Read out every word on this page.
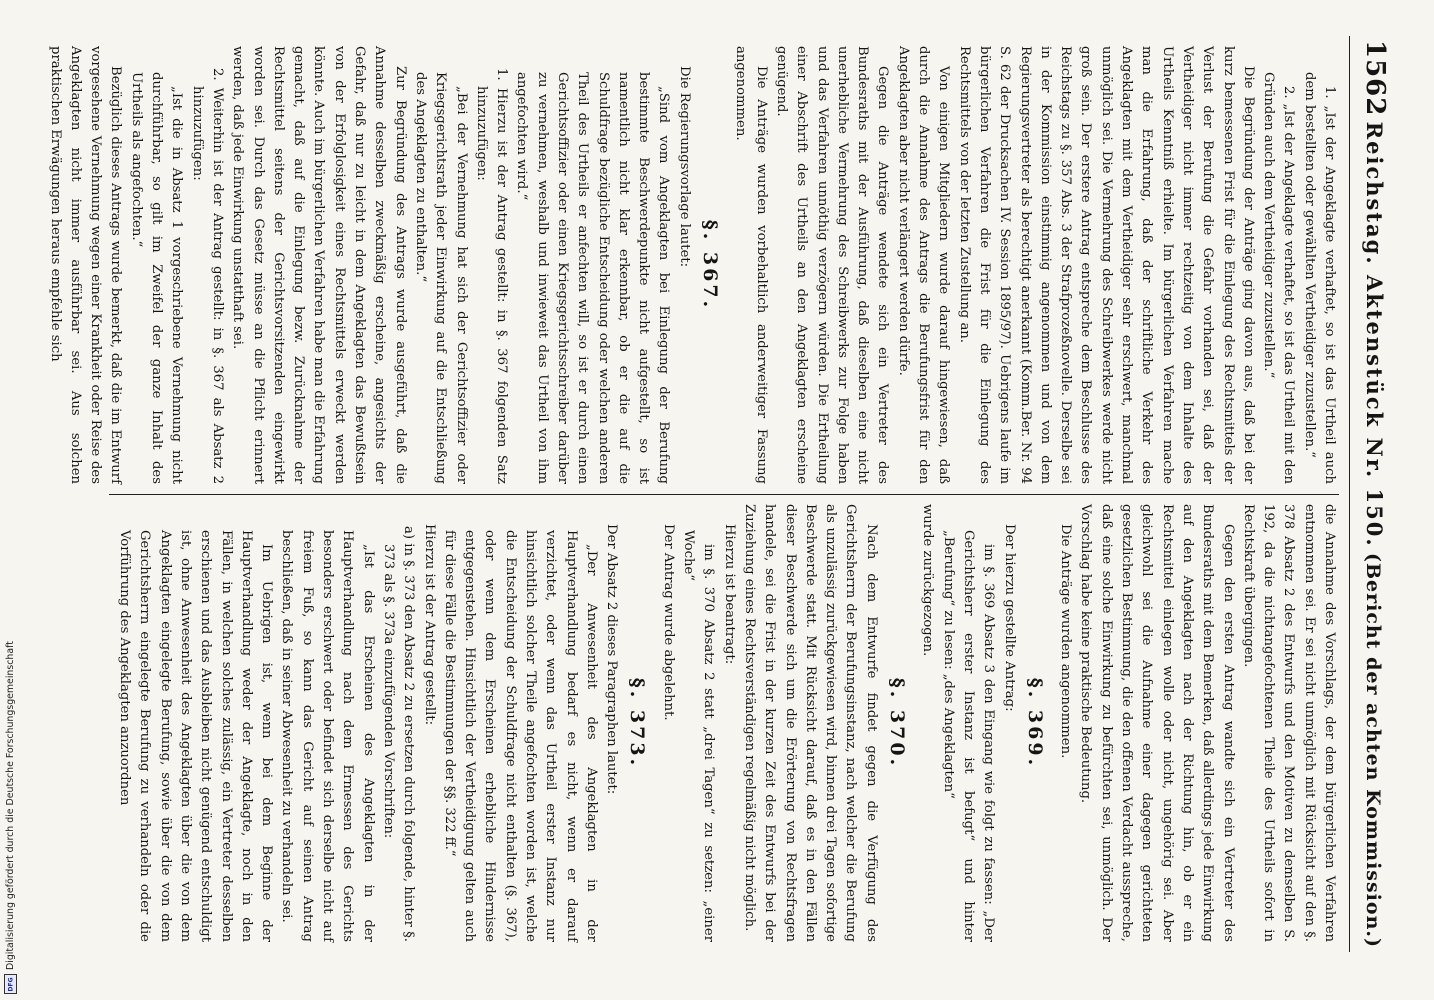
1562
Reichstag. Aktenstück Nr. 150.
(Bericht der achten Kommission.)

1. „Ist der Angeklagte verhaftet, so ist das Urtheil auch dem bestellten oder gewählten Vertheidiger zuzustellen.“

2. „Ist der Angeklagte verhaftet, so ist das Urtheil mit den Gründen auch dem Vertheidiger zuzustellen.“

Die Begründung der Anträge ging davon aus, daß bei der kurz bemessenen Frist für die Einlegung des Rechtsmittels der Verlust der Berufung die Gefahr vorhanden sei, daß der Vertheidiger nicht immer rechtzeitig von dem Inhalte des Urtheils Kenntniß erhielte. Im bürgerlichen Verfahren mache man die Erfahrung, daß der schriftliche Verkehr des Angeklagten mit dem Vertheidiger sehr erschwert, manchmal unmöglich sei. Die Vermehrung des Schreibwerkes werde nicht groß sein. Der erstere Antrag entspreche dem Beschlusse des Reichstags zu §. 357 Abs. 3 der Strafprozeßnovelle. Derselbe sei in der Kommission einstimmig angenommen und von dem Regierungsvertreter als berechtigt anerkannt (Komm.Ber. Nr. 94 S. 62 der Drucksachen IV. Session 1895/97). Uebrigens laufe im bürgerlichen Verfahren die Frist für die Einlegung des Rechtsmittels von der letzten Zustellung an.

Von einigen Mitgliedern wurde darauf hingewiesen, daß durch die Annahme des Antrags die Berufungsfrist für den Angeklagten aber nicht verlängert werden dürfe.

Gegen die Anträge wendete sich ein Vertreter des Bundesraths mit der Ausführung, daß dieselben eine nicht unerhebliche Vermehrung des Schreibwerks zur Folge haben und das Verfahren unnöthig verzögern würden. Die Ertheilung einer Abschrift des Urtheils an den Angeklagten erscheine genügend.

Die Anträge wurden vorbehaltlich anderweitiger Fassung angenommen.

§. 367.

Die Regierungsvorlage lautet:

„Sind vom Angeklagten bei Einlegung der Berufung bestimmte Beschwerdepunkte nicht aufgestellt, so ist namentlich nicht klar erkennbar, ob er die auf die Schuldfrage bezügliche Entscheidung oder welchen anderen Theil des Urtheils er anfechten will, so ist er durch einen Gerichtsoffizier oder einen Kriegsgerichtsschreiber darüber zu vernehmen, weshalb und inwieweit das Urtheil von ihm angefochten wird.“

1. Hierzu ist der Antrag gestellt: in §. 367 folgenden Satz hinzuzufügen:

„Bei der Vernehmung hat sich der Gerichtsoffizier oder Kriegsgerichtsrath jeder Einwirkung auf die Entschließung des Angeklagten zu enthalten.“

Zur Begründung des Antrags wurde ausgeführt, daß die Annahme desselben zweckmäßig erscheine, angesichts der Gefahr, daß nur zu leicht in dem Angeklagten das Bewußtsein von der Erfolglosigkeit eines Rechtsmittels erweckt werden könnte. Auch im bürgerlichen Verfahren habe man die Erfahrung gemacht, daß auf die Einlegung bezw. Zurücknahme der Rechtsmittel seitens der Gerichtsvorsitzenden eingewirkt worden sei. Durch das Gesetz müsse an die Pflicht erinnert werden, daß jede Einwirkung unstatthaft sei.

2. Weiterhin ist der Antrag gestellt: in §. 367 als Absatz 2 hinzuzufügen:

„Ist die in Absatz 1 vorgeschriebene Vernehmung nicht durchführbar, so gilt im Zweifel der ganze Inhalt des Urtheils als angefochten.“

Bezüglich dieses Antrags wurde bemerkt, daß die im Entwurf vorgesehene Vernehmung wegen einer Krankheit oder Reise des Angeklagten nicht immer ausführbar sei. Aus solchen praktischen Erwägungen heraus empfehle sich

die Annahme des Vorschlags, der dem bürgerlichen Verfahren entnommen sei. Er sei nicht unmöglich mit Rücksicht auf den §. 378 Absatz 2 des Entwurfs und den Motiven zu demselben S. 192, da die nichtangefochtenen Theile des Urtheils sofort in Rechtskraft übergingen.

Gegen den ersten Antrag wandte sich ein Vertreter des Bundesraths mit dem Bemerken, daß allerdings jede Einwirkung auf den Angeklagten nach der Richtung hin, ob er ein Rechtsmittel einlegen wolle oder nicht, ungehörig sei. Aber gleichwohl sei die Aufnahme einer dagegen gerichteten gesetzlichen Bestimmung, die den offenen Verdacht ausspreche, daß eine solche Einwirkung zu befürchten sei, unmöglich. Der Vorschlag habe keine praktische Bedeutung.

Die Anträge wurden angenommen.

§. 369.

Der hierzu gestellte Antrag:

im §. 369 Absatz 3 den Eingang wie folgt zu fassen: „Der Gerichtsherr erster Instanz ist befugt“ und hinter „Berufung“ zu lesen: „des Angeklagten“

wurde zurückgezogen.

§. 370.

Nach dem Entwurfe findet gegen die Verfügung des Gerichtsherrn der Berufungsinstanz, nach welcher die Berufung als unzulässig zurückgewiesen wird, binnen drei Tagen sofortige Beschwerde statt. Mit Rücksicht darauf, daß es in den Fällen dieser Beschwerde sich um die Erörterung von Rechtsfragen handele, sei die Frist in der kurzen Zeit des Entwurfs bei der Zuziehung eines Rechtsverständigen regelmäßig nicht möglich.

Hierzu ist beantragt:

im §. 370 Absatz 2 statt „drei Tagen“ zu setzen: „einer Woche“

Der Antrag wurde abgelehnt.

§. 373.

Der Absatz 2 dieses Paragraphen lautet:

„Der Anwesenheit des Angeklagten in der Hauptverhandlung bedarf es nicht, wenn er darauf verzichtet, oder wenn das Urtheil erster Instanz nur hinsichtlich solcher Theile angefochten worden ist, welche die Entscheidung der Schuldfrage nicht enthalten (§. 367), oder wenn dem Erscheinen erhebliche Hindernisse entgegenstehen. Hinsichtlich der Vertheidigung gelten auch für diese Fälle die Bestimmungen der §§. 322 ff.“

Hierzu ist der Antrag gestellt:

a) in §. 373 den Absatz 2 zu ersetzen durch folgende, hinter §. 373 als §. 373a einzufügenden Vorschriften:

„Ist das Erscheinen des Angeklagten in der Hauptverhandlung nach dem Ermessen des Gerichts besonders erschwert oder befindet sich derselbe nicht auf freiem Fuß, so kann das Gericht auf seinen Antrag beschließen, daß in seiner Abwesenheit zu verhandeln sei.

Im Uebrigen ist, wenn bei dem Beginne der Hauptverhandlung weder der Angeklagte, noch in den Fällen, in welchen solches zulässig, ein Vertreter desselben erschienen und das Ausbleiben nicht genügend entschuldigt ist, ohne Anwesenheit des Angeklagten über die von dem Angeklagten eingelegte Berufung, sowie über die von dem Gerichtsherrn eingelegte Berufung zu verhandeln oder die Vorführung des Angeklagten anzuordnen

Digitalisierung gefördert durch die Deutsche Forschungsgemeinschaft
DFG
